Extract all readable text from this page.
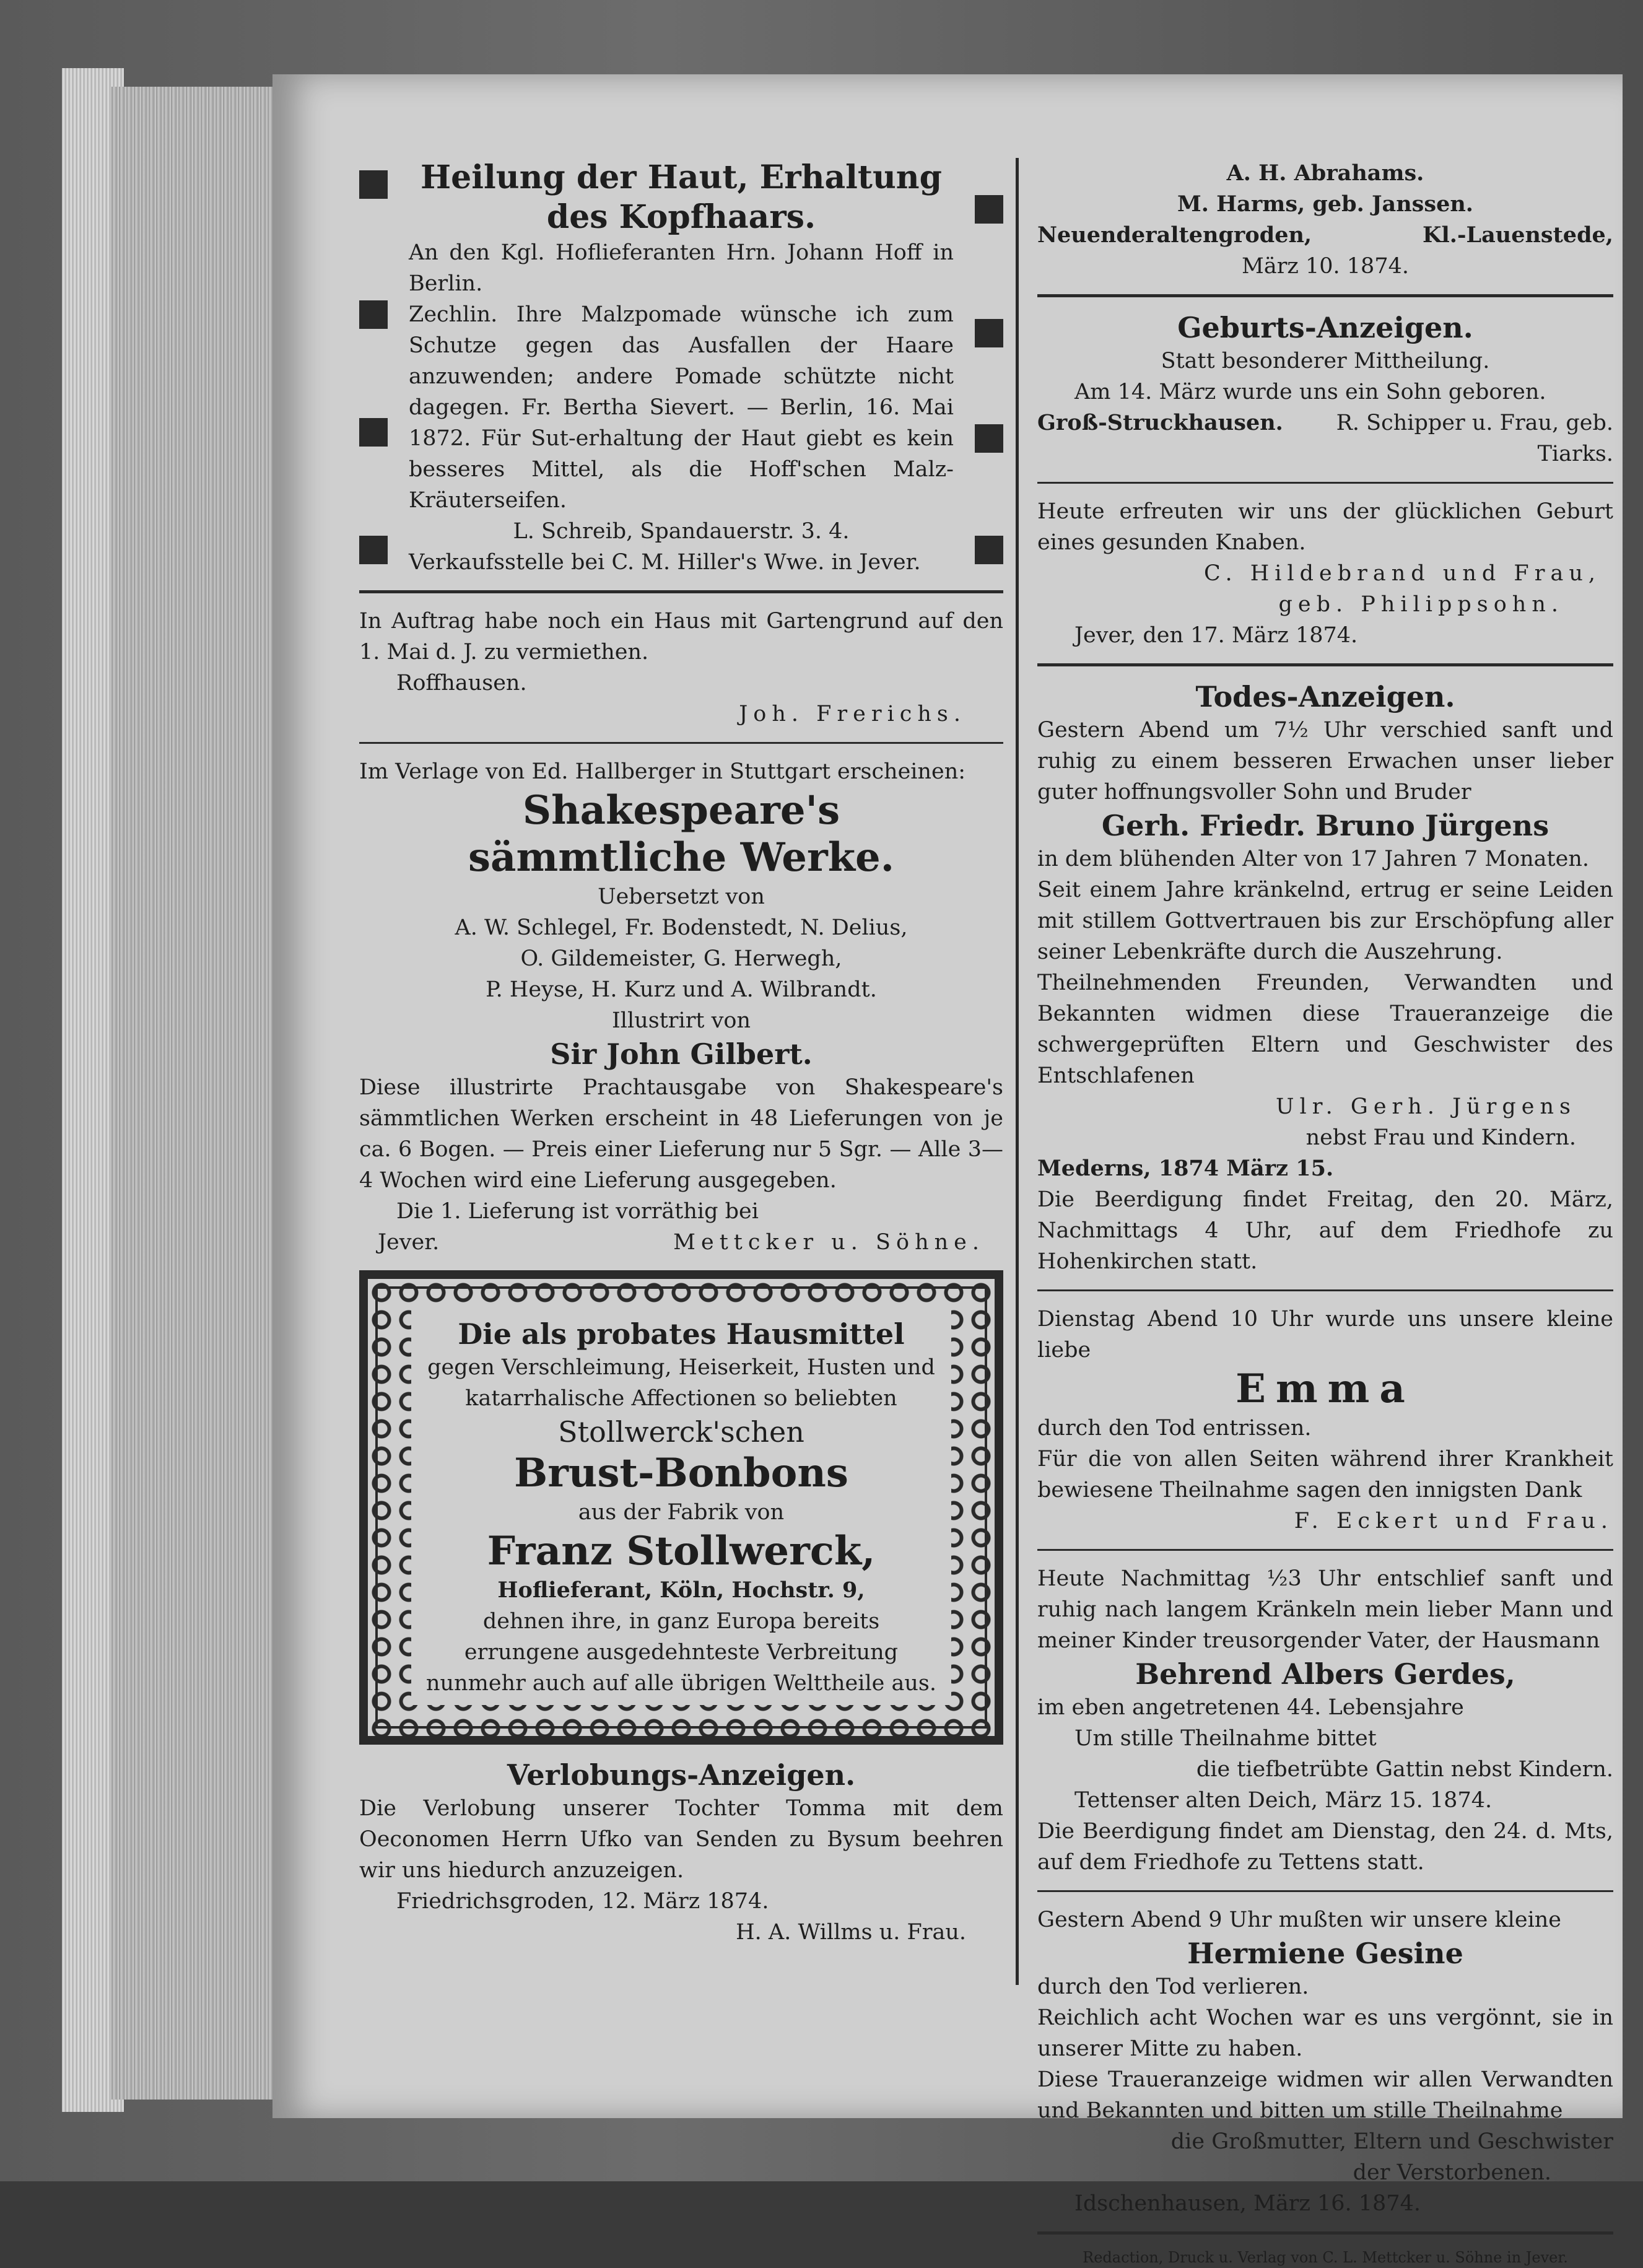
Heilung der Haut, Erhaltung des Kopfhaars.

An den Kgl. Hoflieferanten Hrn. Johann Hoff in Berlin.

Zechlin. Ihre Malzpomade wünsche ich zum Schutze gegen das Ausfallen der Haare anzuwenden; andere Pomade schützte nicht dagegen. Fr. Bertha Sievert. — Berlin, 16. Mai 1872. Für Sut-erhaltung der Haut giebt es kein besseres Mittel, als die Hoff'schen Malz-Kräuterseifen.

L. Schreib, Spandauerstr. 3. 4.

Verkaufsstelle bei C. M. Hiller's Wwe. in Jever.

In Auftrag habe noch ein Haus mit Gartengrund auf den 1. Mai d. J. zu vermiethen.

Roffhausen.

Joh. Frerichs.

Im Verlage von Ed. Hallberger in Stuttgart erscheinen:

Shakespeare's

sämmtliche Werke.

Uebersetzt von

A. W. Schlegel, Fr. Bodenstedt, N. Delius,

O. Gildemeister, G. Herwegh,

P. Heyse, H. Kurz und A. Wilbrandt.

Illustrirt von

Sir John Gilbert.

Diese illustrirte Prachtausgabe von Shakespeare's sämmtlichen Werken erscheint in 48 Lieferungen von je ca. 6 Bogen. — Preis einer Lieferung nur 5 Sgr. — Alle 3—4 Wochen wird eine Lieferung ausgegeben.

Die 1. Lieferung ist vorräthig bei

Jever.	Mettcker u. Söhne.

Die als probates Hausmittel

gegen Verschleimung, Heiserkeit, Husten und katarrhalische Affectionen so beliebten

Stollwerck'schen

Brust-Bonbons

aus der Fabrik von

Franz Stollwerck,

Hoflieferant, Köln, Hochstr. 9,

dehnen ihre, in ganz Europa bereits errungene ausgedehnteste Verbreitung nunmehr auch auf alle übrigen Welttheile aus.

Verlobungs-Anzeigen.

Die Verlobung unserer Tochter Tomma mit dem Oeconomen Herrn Ufko van Senden zu Bysum beehren wir uns hiedurch anzuzeigen.

Friedrichsgroden, 12. März 1874.

H. A. Willms u. Frau.

A. H. Abrahams.

M. Harms, geb. Janssen.

Neuenderaltengroden,	Kl.-Lauenstede,

März 10. 1874.

Geburts-Anzeigen.

Statt besonderer Mittheilung.

Am 14. März wurde uns ein Sohn geboren.

Groß-Struckhausen.	R. Schipper u. Frau, geb. Tiarks.

Heute erfreuten wir uns der glücklichen Geburt eines gesunden Knaben.

C. Hildebrand und Frau,

geb. Philippsohn.

Jever, den 17. März 1874.

Todes-Anzeigen.

Gestern Abend um 7½ Uhr verschied sanft und ruhig zu einem besseren Erwachen unser lieber guter hoffnungsvoller Sohn und Bruder

Gerh. Friedr. Bruno Jürgens

in dem blühenden Alter von 17 Jahren 7 Monaten.

Seit einem Jahre kränkelnd, ertrug er seine Leiden mit stillem Gottvertrauen bis zur Erschöpfung aller seiner Lebenkräfte durch die Auszehrung.

Theilnehmenden Freunden, Verwandten und Bekannten widmen diese Traueranzeige die schwergeprüften Eltern und Geschwister des Entschlafenen

Ulr. Gerh. Jürgens

nebst Frau und Kindern.

Mederns, 1874 März 15.

Die Beerdigung findet Freitag, den 20. März, Nachmittags 4 Uhr, auf dem Friedhofe zu Hohenkirchen statt.

Dienstag Abend 10 Uhr wurde uns unsere kleine liebe

Emma

durch den Tod entrissen.

Für die von allen Seiten während ihrer Krankheit bewiesene Theilnahme sagen den innigsten Dank

F. Eckert und Frau.

Heute Nachmittag ½3 Uhr entschlief sanft und ruhig nach langem Kränkeln mein lieber Mann und meiner Kinder treusorgender Vater, der Hausmann

Behrend Albers Gerdes,

im eben angetretenen 44. Lebensjahre

Um stille Theilnahme bittet

die tiefbetrübte Gattin nebst Kindern.

Tettenser alten Deich, März 15. 1874.

Die Beerdigung findet am Dienstag, den 24. d. Mts, auf dem Friedhofe zu Tettens statt.

Gestern Abend 9 Uhr mußten wir unsere kleine

Hermiene Gesine

durch den Tod verlieren.

Reichlich acht Wochen war es uns vergönnt, sie in unserer Mitte zu haben.

Diese Traueranzeige widmen wir allen Verwandten und Bekannten und bitten um stille Theilnahme

die Großmutter, Eltern und Geschwister

der Verstorbenen.

Idschenhausen, März 16. 1874.

Redaction, Druck u. Verlag von C. L. Mettcker u. Söhne in Jever.
